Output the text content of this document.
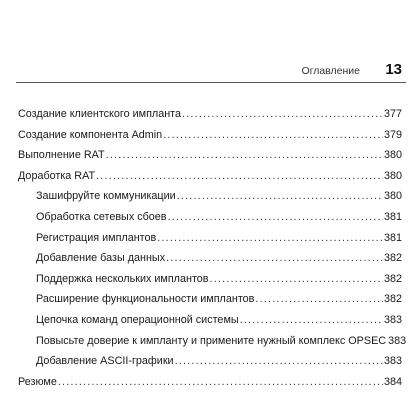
Оглавление 13
Создание клиентского импланта .....	377
Создание компонента Admin .....	379
Выполнение RAT .....	380
Доработка RAT .....	380
Зашифруйте коммуникации .....	380
Обработка сетевых сбоев .....	381
Регистрация имплантов .....	381
Добавление базы данных .....	382
Поддержка нескольких имплантов .....	382
Расширение функциональности имплантов .....	382
Цепочка команд операционной системы .....	383
Повысьте доверие к импланту и примените нужный комплекс OPSEC 383
Добавление ASCII-графики .....	383
Резюме .....	384
